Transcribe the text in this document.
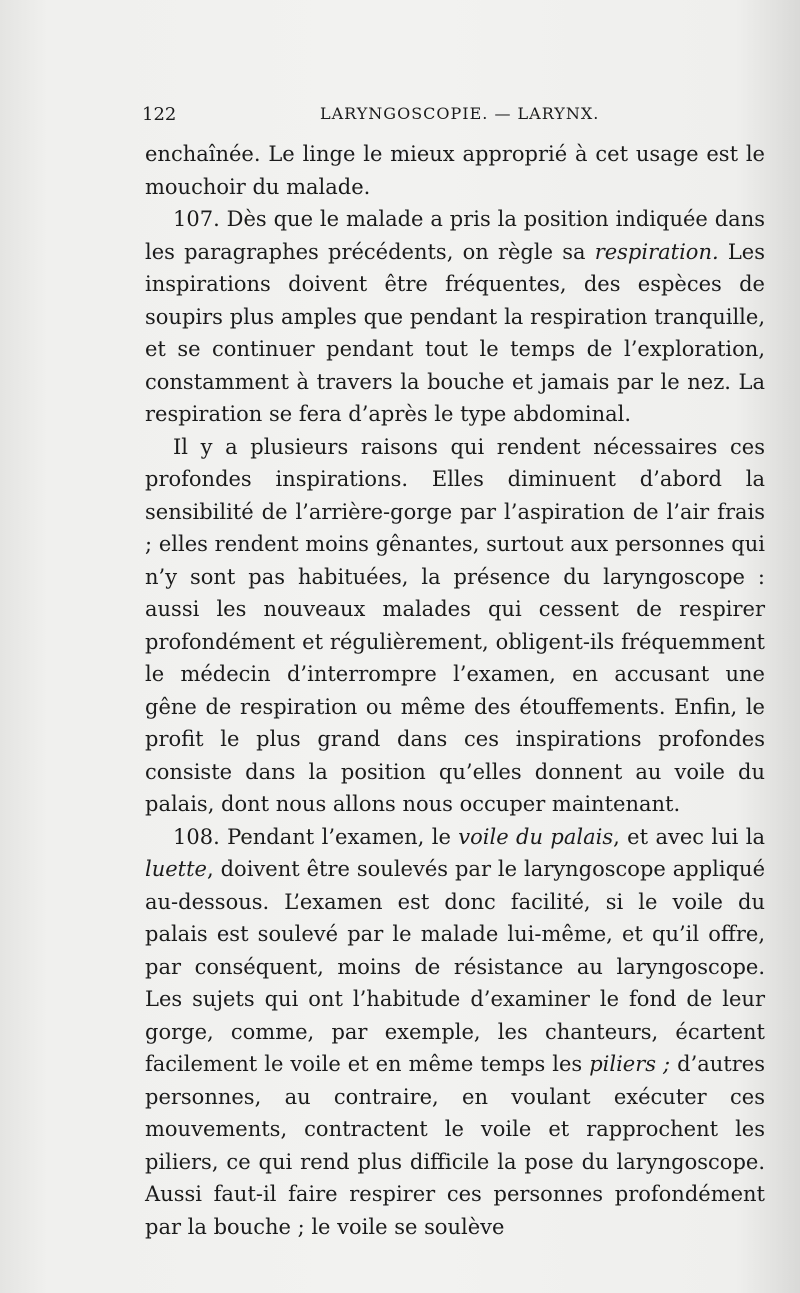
122	LARYNGOSCOPIE. — LARYNX.

enchaînée. Le linge le mieux approprié à cet usage est le mouchoir du malade.

107. Dès que le malade a pris la position indiquée dans les paragraphes précédents, on règle sa respiration. Les inspirations doivent être fréquentes, des espèces de soupirs plus amples que pendant la respiration tranquille, et se continuer pendant tout le temps de l’exploration, constamment à travers la bouche et jamais par le nez. La respiration se fera d’après le type abdominal.

Il y a plusieurs raisons qui rendent nécessaires ces profondes inspirations. Elles diminuent d’abord la sensibilité de l’arrière-gorge par l’aspiration de l’air frais ; elles rendent moins gênantes, surtout aux personnes qui n’y sont pas habituées, la présence du laryngoscope : aussi les nouveaux malades qui cessent de respirer profondément et régulièrement, obligent-ils fréquemment le médecin d’interrompre l’examen, en accusant une gêne de respiration ou même des étouffements. Enfin, le profit le plus grand dans ces inspirations profondes consiste dans la position qu’elles donnent au voile du palais, dont nous allons nous occuper maintenant.

108. Pendant l’examen, le voile du palais, et avec lui la luette, doivent être soulevés par le laryngoscope appliqué au-dessous. L’examen est donc facilité, si le voile du palais est soulevé par le malade lui-même, et qu’il offre, par conséquent, moins de résistance au laryngoscope. Les sujets qui ont l’habitude d’examiner le fond de leur gorge, comme, par exemple, les chanteurs, écartent facilement le voile et en même temps les piliers ; d’autres personnes, au contraire, en voulant exécuter ces mouvements, contractent le voile et rapprochent les piliers, ce qui rend plus difficile la pose du laryngoscope. Aussi faut-il faire respirer ces personnes profondément par la bouche ; le voile se soulève
